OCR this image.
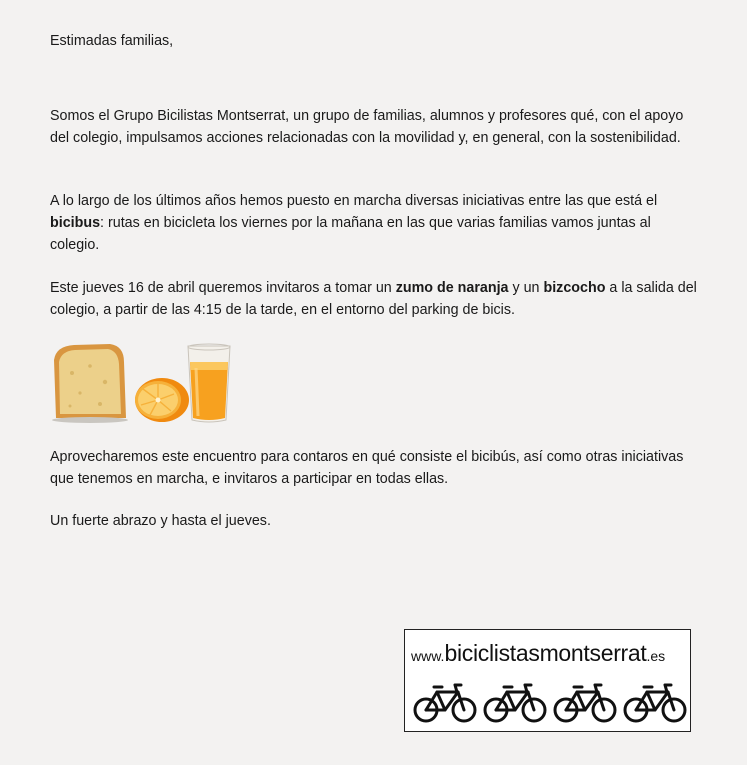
Estimadas familias,

Somos el Grupo Bicilistas Montserrat, un grupo de familias, alumnos y profesores qué, con el apoyo del colegio, impulsamos acciones relacionadas con la movilidad y, en general, con la sostenibilidad.

A lo largo de los últimos años hemos puesto en marcha diversas iniciativas entre las que está el bicibus: rutas en bicicleta los viernes por la mañana en las que varias familias vamos juntas al colegio.

Este jueves 16 de abril queremos invitaros a tomar un zumo de naranja y un bizcocho a la salida del colegio, a partir de las 4:15 de la tarde, en el entorno del parking de bicis.

Aprovecharemos este encuentro para contaros en qué consiste el bicibús, así como otras iniciativas que tenemos en marcha, e invitaros a participar en todas ellas.

Un fuerte abrazo y hasta el jueves.

www.biciclistasmontserrat.es
